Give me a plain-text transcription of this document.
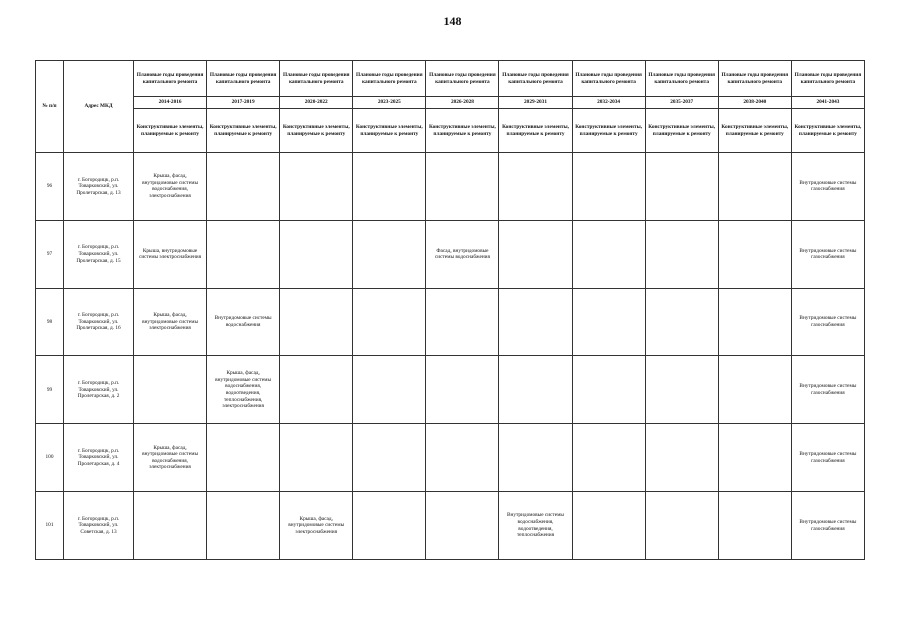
148
№ п/п	Адрес МКД	Плановые годы проведения капитального ремонта	Плановые годы проведения капитального ремонта	Плановые годы проведения капитального ремонта	Плановые годы проведения капитального ремонта	Плановые годы проведения капитального ремонта	Плановые годы проведения капитального ремонта	Плановые годы проведения капитального ремонта	Плановые годы проведения капитального ремонта	Плановые годы проведения капитального ремонта	Плановые годы проведения капитального ремонта
		2014-2016	2017-2019	2020-2022	2023-2025	2026-2028	2029-2031	2032-2034	2035-2037	2038-2040	2041-2043
		Конструктивные элементы, планируемые к ремонту	Конструктивные элементы, планируемые к ремонту	Конструктивные элементы, планируемые к ремонту	Конструктивные элементы, планируемые к ремонту	Конструктивные элементы, планируемые к ремонту	Конструктивные элементы, планируемые к ремонту	Конструктивные элементы, планируемые к ремонту	Конструктивные элементы, планируемые к ремонту	Конструктивные элементы, планируемые к ремонту	Конструктивные элементы, планируемые к ремонту
96	г. Богородицк, р.п. Товарковский, ул. Пролетарская, д. 13	Крыша, фасад, внутридомовые системы водоснабжения, электроснабжения									Внутридомовые системы газоснабжения
97	г. Богородицк, р.п. Товарковский, ул. Пролетарская, д. 15	Крыша, внутридомовые системы электроснабжения				Фасад, внутридомовые системы водоснабжения					Внутридомовые системы газоснабжения
98	г. Богородицк, р.п. Товарковский, ул. Пролетарская, д. 16	Крыша, фасад, внутридомовые системы электроснабжения	Внутридомовые системы водоснабжения								Внутридомовые системы газоснабжения
99	г. Богородицк, р.п. Товарковский, ул. Пролетарская, д. 2		Крыша, фасад, внутридомовые системы водоснабжения, водоотведения, теплоснабжения, электроснабжения								Внутридомовые системы газоснабжения
100	г. Богородицк, р.п. Товарковский, ул. Пролетарская, д. 4	Крыша, фасад, внутридомовые системы водоснабжения, электроснабжения									Внутридомовые системы газоснабжения
101	г. Богородицк, р.п. Товарковский, ул. Советская, д. 13			Крыша, фасад, внутридомовые системы электроснабжения			Внутридомовые системы водоснабжения, водоотведения, теплоснабжения				Внутридомовые системы газоснабжения
